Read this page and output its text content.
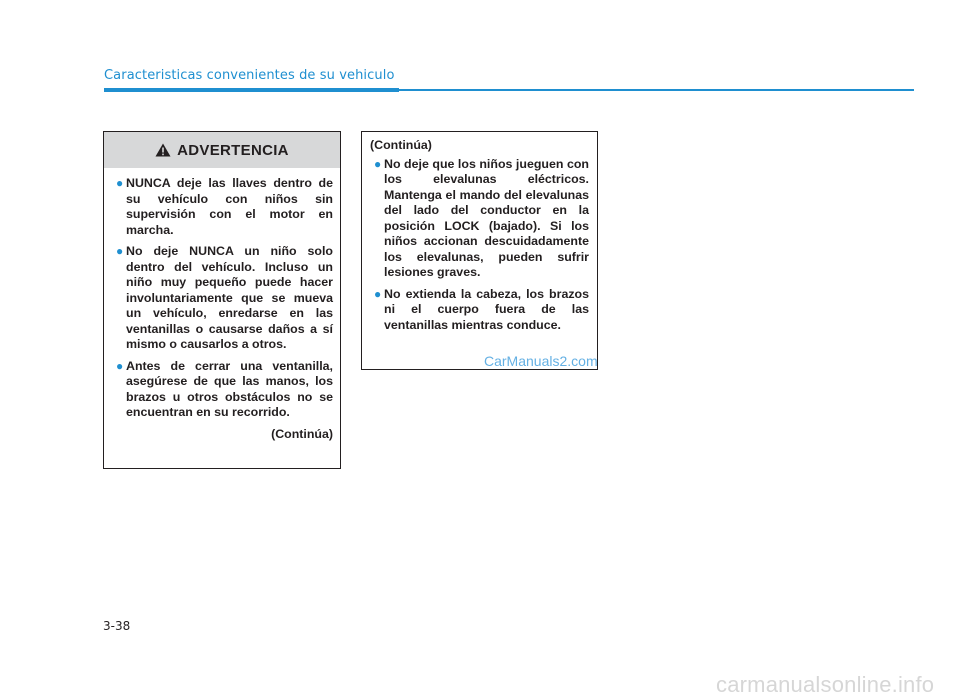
Caracteristicas convenientes de su vehiculo
ADVERTENCIA
● NUNCA deje las llaves dentro de su vehículo con niños sin supervisión con el motor en marcha.
● No deje NUNCA un niño solo dentro del vehículo. Incluso un niño muy pequeño puede hacer involuntariamente que se mueva un vehículo, enredarse en las ventanillas o causarse daños a sí mismo o causarlos a otros.
● Antes de cerrar una ventanilla, asegúrese de que las manos, los brazos u otros obstáculos no se encuentran en su recorrido.
(Continúa)
(Continúa)
● No deje que los niños jueguen con los elevalunas eléctricos. Mantenga el mando del elevalunas del lado del conductor en la posición LOCK (bajado). Si los niños accionan descuidadamente los elevalunas, pueden sufrir lesiones graves.
● No extienda la cabeza, los brazos ni el cuerpo fuera de las ventanillas mientras conduce.
CarManuals2.com
3-38
carmanualsonline.info
